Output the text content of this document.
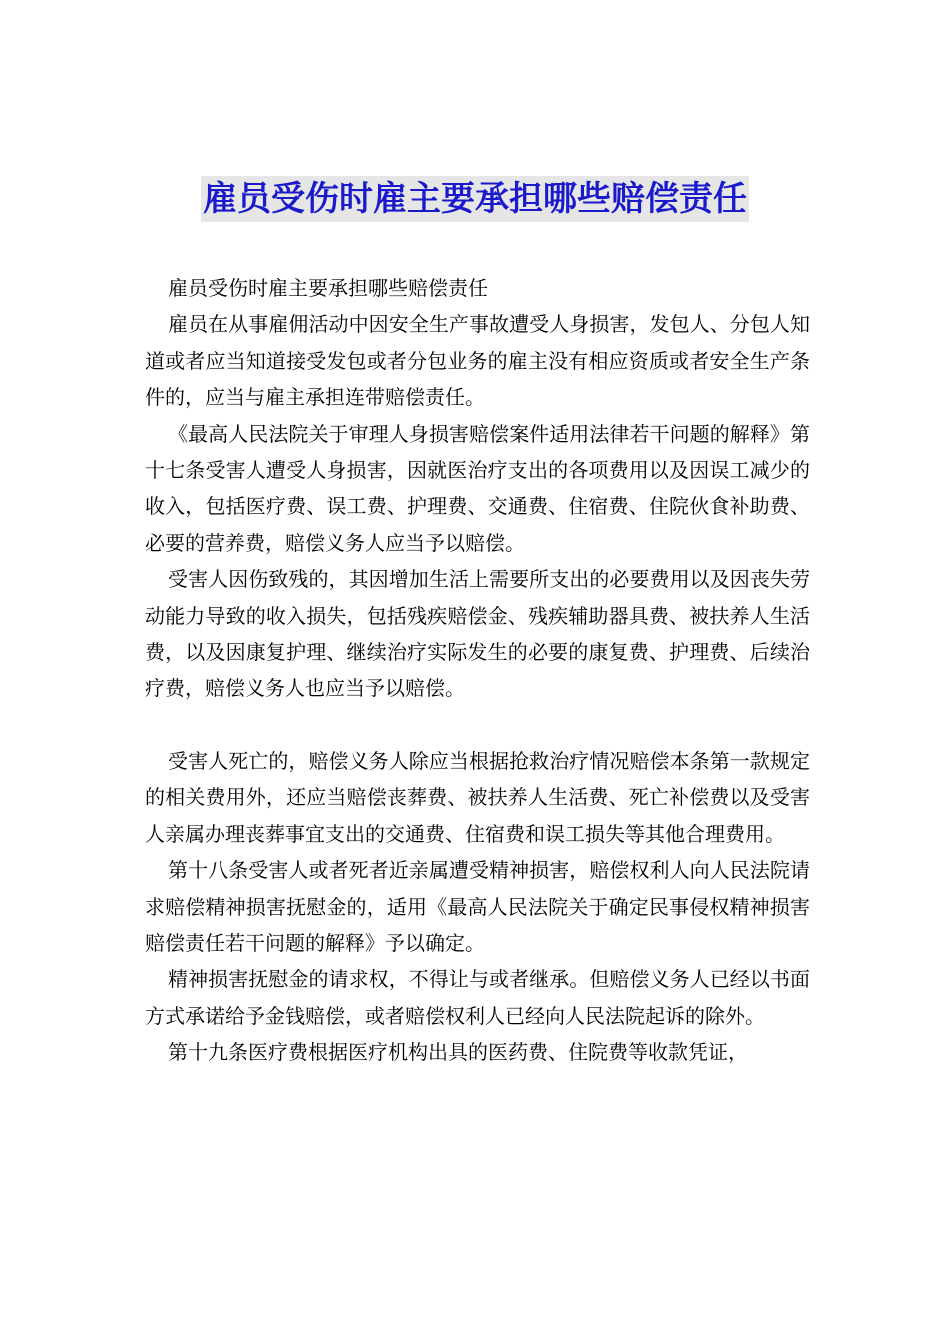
雇员受伤时雇主要承担哪些赔偿责任

雇员受伤时雇主要承担哪些赔偿责任

雇员在从事雇佣活动中因安全生产事故遭受人身损害，发包人、分包人知道或者应当知道接受发包或者分包业务的雇主没有相应资质或者安全生产条件的，应当与雇主承担连带赔偿责任。

《最高人民法院关于审理人身损害赔偿案件适用法律若干问题的解释》第十七条受害人遭受人身损害，因就医治疗支出的各项费用以及因误工减少的收入，包括医疗费、误工费、护理费、交通费、住宿费、住院伙食补助费、必要的营养费，赔偿义务人应当予以赔偿。

受害人因伤致残的，其因增加生活上需要所支出的必要费用以及因丧失劳动能力导致的收入损失，包括残疾赔偿金、残疾辅助器具费、被扶养人生活费，以及因康复护理、继续治疗实际发生的必要的康复费、护理费、后续治疗费，赔偿义务人也应当予以赔偿。

受害人死亡的，赔偿义务人除应当根据抢救治疗情况赔偿本条第一款规定的相关费用外，还应当赔偿丧葬费、被扶养人生活费、死亡补偿费以及受害人亲属办理丧葬事宜支出的交通费、住宿费和误工损失等其他合理费用。

第十八条受害人或者死者近亲属遭受精神损害，赔偿权利人向人民法院请求赔偿精神损害抚慰金的，适用《最高人民法院关于确定民事侵权精神损害赔偿责任若干问题的解释》予以确定。

精神损害抚慰金的请求权，不得让与或者继承。但赔偿义务人已经以书面方式承诺给予金钱赔偿，或者赔偿权利人已经向人民法院起诉的除外。

第十九条医疗费根据医疗机构出具的医药费、住院费等收款凭证，
